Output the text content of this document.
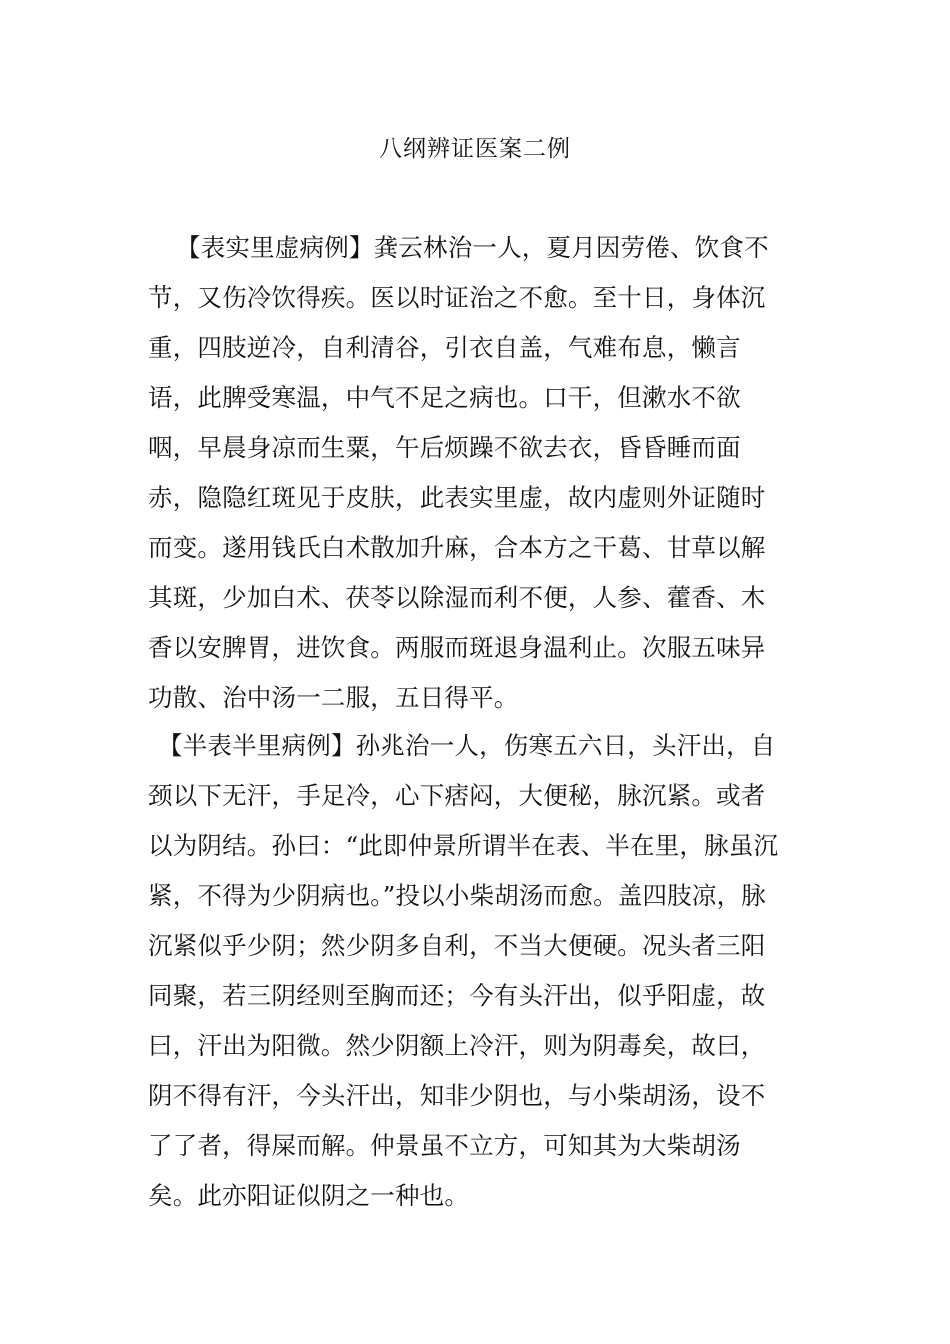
八纲辨证医案二例
【表实里虚病例】龚云林治一人，夏月因劳倦、饮食不
节，又伤冷饮得疾。医以时证治之不愈。至十日，身体沉
重，四肢逆冷，自利清谷，引衣自盖，气难布息，懒言
语，此脾受寒温，中气不足之病也。口干，但漱水不欲
咽，早晨身凉而生粟，午后烦躁不欲去衣，昏昏睡而面
赤，隐隐红斑见于皮肤，此表实里虚，故内虚则外证随时
而变。遂用钱氏白术散加升麻，合本方之干葛、甘草以解
其斑，少加白术、茯苓以除湿而利不便，人参、藿香、木
香以安脾胃，进饮食。两服而斑退身温利止。次服五味异
功散、治中汤一二服，五日得平。
【半表半里病例】孙兆治一人，伤寒五六日，头汗出，自
颈以下无汗，手足冷，心下痞闷，大便秘，脉沉紧。或者
以为阴结。孙曰：“此即仲景所谓半在表、半在里，脉虽沉
紧，不得为少阴病也。”投以小柴胡汤而愈。盖四肢凉，脉
沉紧似乎少阴；然少阴多自利，不当大便硬。况头者三阳
同聚，若三阴经则至胸而还；今有头汗出，似乎阳虚，故
曰，汗出为阳微。然少阴额上冷汗，则为阴毒矣，故曰，
阴不得有汗，今头汗出，知非少阴也，与小柴胡汤，设不
了了者，得屎而解。仲景虽不立方，可知其为大柴胡汤
矣。此亦阳证似阴之一种也。
